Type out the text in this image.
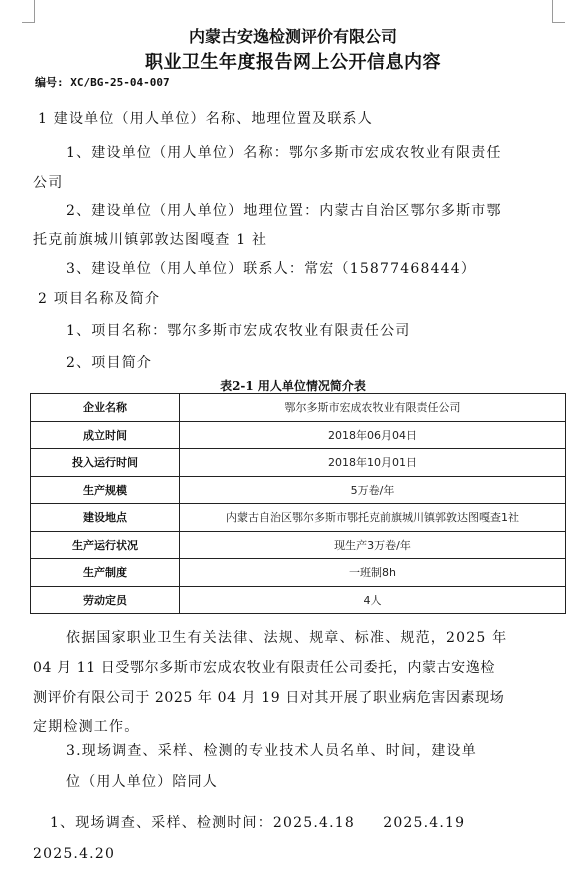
内蒙古安逸检测评价有限公司
职业卫生年度报告网上公开信息内容
编号: XC/BG-25-04-007
1 建设单位（用人单位）名称、地理位置及联系人
1、建设单位（用人单位）名称：鄂尔多斯市宏成农牧业有限责任
公司
2、建设单位（用人单位）地理位置：内蒙古自治区鄂尔多斯市鄂
托克前旗城川镇郭敦达图嘎查 1 社
3、建设单位（用人单位）联系人：常宏（15877468444）
2 项目名称及简介
1、项目名称：鄂尔多斯市宏成农牧业有限责任公司
2、项目简介
表2-1 用人单位情况简介表
企业名称	鄂尔多斯市宏成农牧业有限责任公司
成立时间	2018年06月04日
投入运行时间	2018年10月01日
生产规模	5万卷/年
建设地点	内蒙古自治区鄂尔多斯市鄂托克前旗城川镇郭敦达图嘎查1社
生产运行状况	现生产3万卷/年
生产制度	一班制8h
劳动定员	4人
依据国家职业卫生有关法律、法规、规章、标准、规范，2025 年
04 月 11 日受鄂尔多斯市宏成农牧业有限责任公司委托，内蒙古安逸检
测评价有限公司于 2025 年 04 月 19 日对其开展了职业病危害因素现场
定期检测工作。
3.现场调查、采样、检测的专业技术人员名单、时间，建设单
位（用人单位）陪同人
1、现场调查、采样、检测时间：2025.4.18     2025.4.19
2025.4.20
